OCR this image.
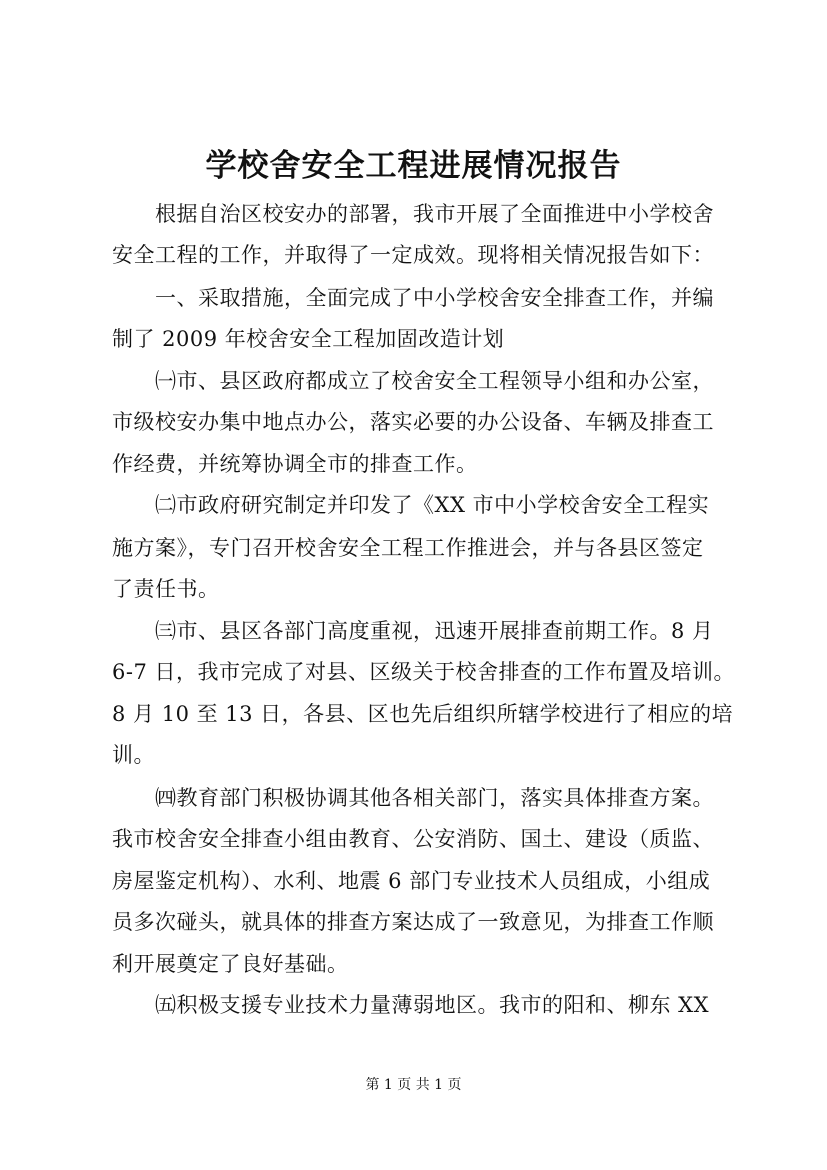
学校舍安全工程进展情况报告
　　根据自治区校安办的部署，我市开展了全面推进中小学校舍
安全工程的工作，并取得了一定成效。现将相关情况报告如下：
　　一、采取措施，全面完成了中小学校舍安全排查工作，并编
制了 2009 年校舍安全工程加固改造计划
　　㈠市、县区政府都成立了校舍安全工程领导小组和办公室，
市级校安办集中地点办公，落实必要的办公设备、车辆及排查工
作经费，并统筹协调全市的排查工作。
　　㈡市政府研究制定并印发了《XX 市中小学校舍安全工程实
施方案》，专门召开校舍安全工程工作推进会，并与各县区签定
了责任书。
　　㈢市、县区各部门高度重视，迅速开展排查前期工作。8 月
6-7 日，我市完成了对县、区级关于校舍排查的工作布置及培训。
8 月 10 至 13 日，各县、区也先后组织所辖学校进行了相应的培
训。
　　㈣教育部门积极协调其他各相关部门，落实具体排查方案。
我市校舍安全排查小组由教育、公安消防、国土、建设（质监、
房屋鉴定机构）、水利、地震 6 部门专业技术人员组成，小组成
员多次碰头，就具体的排查方案达成了一致意见，为排查工作顺
利开展奠定了良好基础。
　　㈤积极支援专业技术力量薄弱地区。我市的阳和、柳东 XX
第 1 页 共 1 页
